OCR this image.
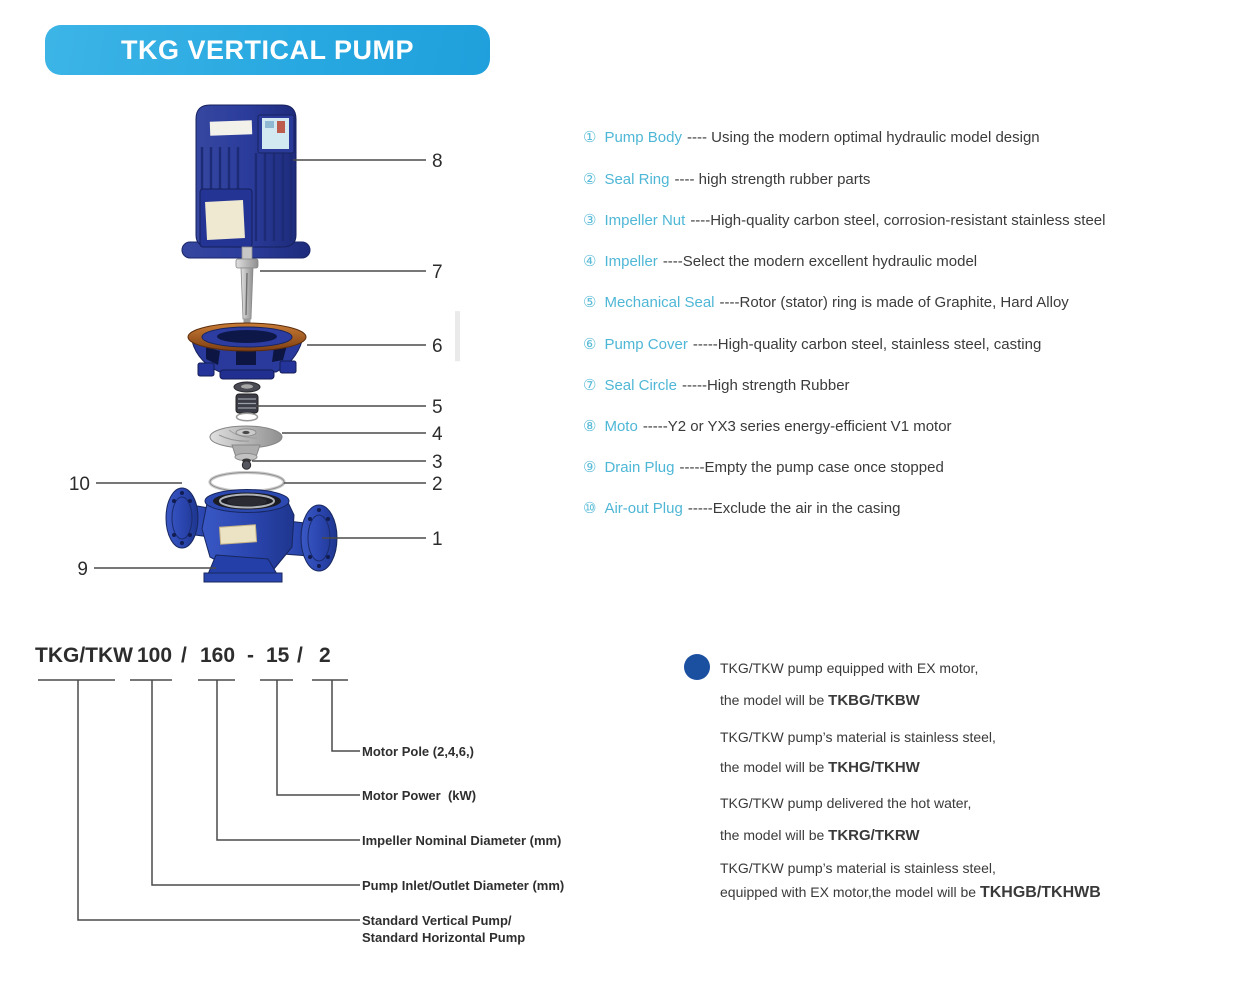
TKG VERTICAL PUMP
8
7
6
5
4
3
2
1
10
9
① Pump Body ---- Using the modern optimal hydraulic model design
② Seal Ring ---- high strength rubber parts
③ Impeller Nut ----High-quality carbon steel, corrosion-resistant stainless steel
④ Impeller ----Select the modern excellent hydraulic model
⑤ Mechanical Seal ----Rotor (stator) ring is made of Graphite, Hard Alloy
⑥ Pump Cover -----High-quality carbon steel, stainless steel, casting
⑦ Seal Circle -----High strength Rubber
⑧ Moto -----Y2 or YX3 series energy-efficient V1 motor
⑨ Drain Plug -----Empty the pump case once stopped
⑩ Air-out Plug -----Exclude the air in the casing
TKG/TKW 100 / 160 - 15 / 2
Motor Pole (2,4,6,)
Motor Power  (kW)
Impeller Nominal Diameter (mm)
Pump Inlet/Outlet Diameter (mm)
Standard Vertical Pump/
Standard Horizontal Pump
TKG/TKW pump equipped with EX motor,
the model will be TKBG/TKBW
TKG/TKW pump’s material is stainless steel,
the model will be TKHG/TKHW
TKG/TKW pump delivered the hot water,
the model will be TKRG/TKRW
TKG/TKW pump’s material is stainless steel,
equipped with EX motor,the model will be TKHGB/TKHWB
